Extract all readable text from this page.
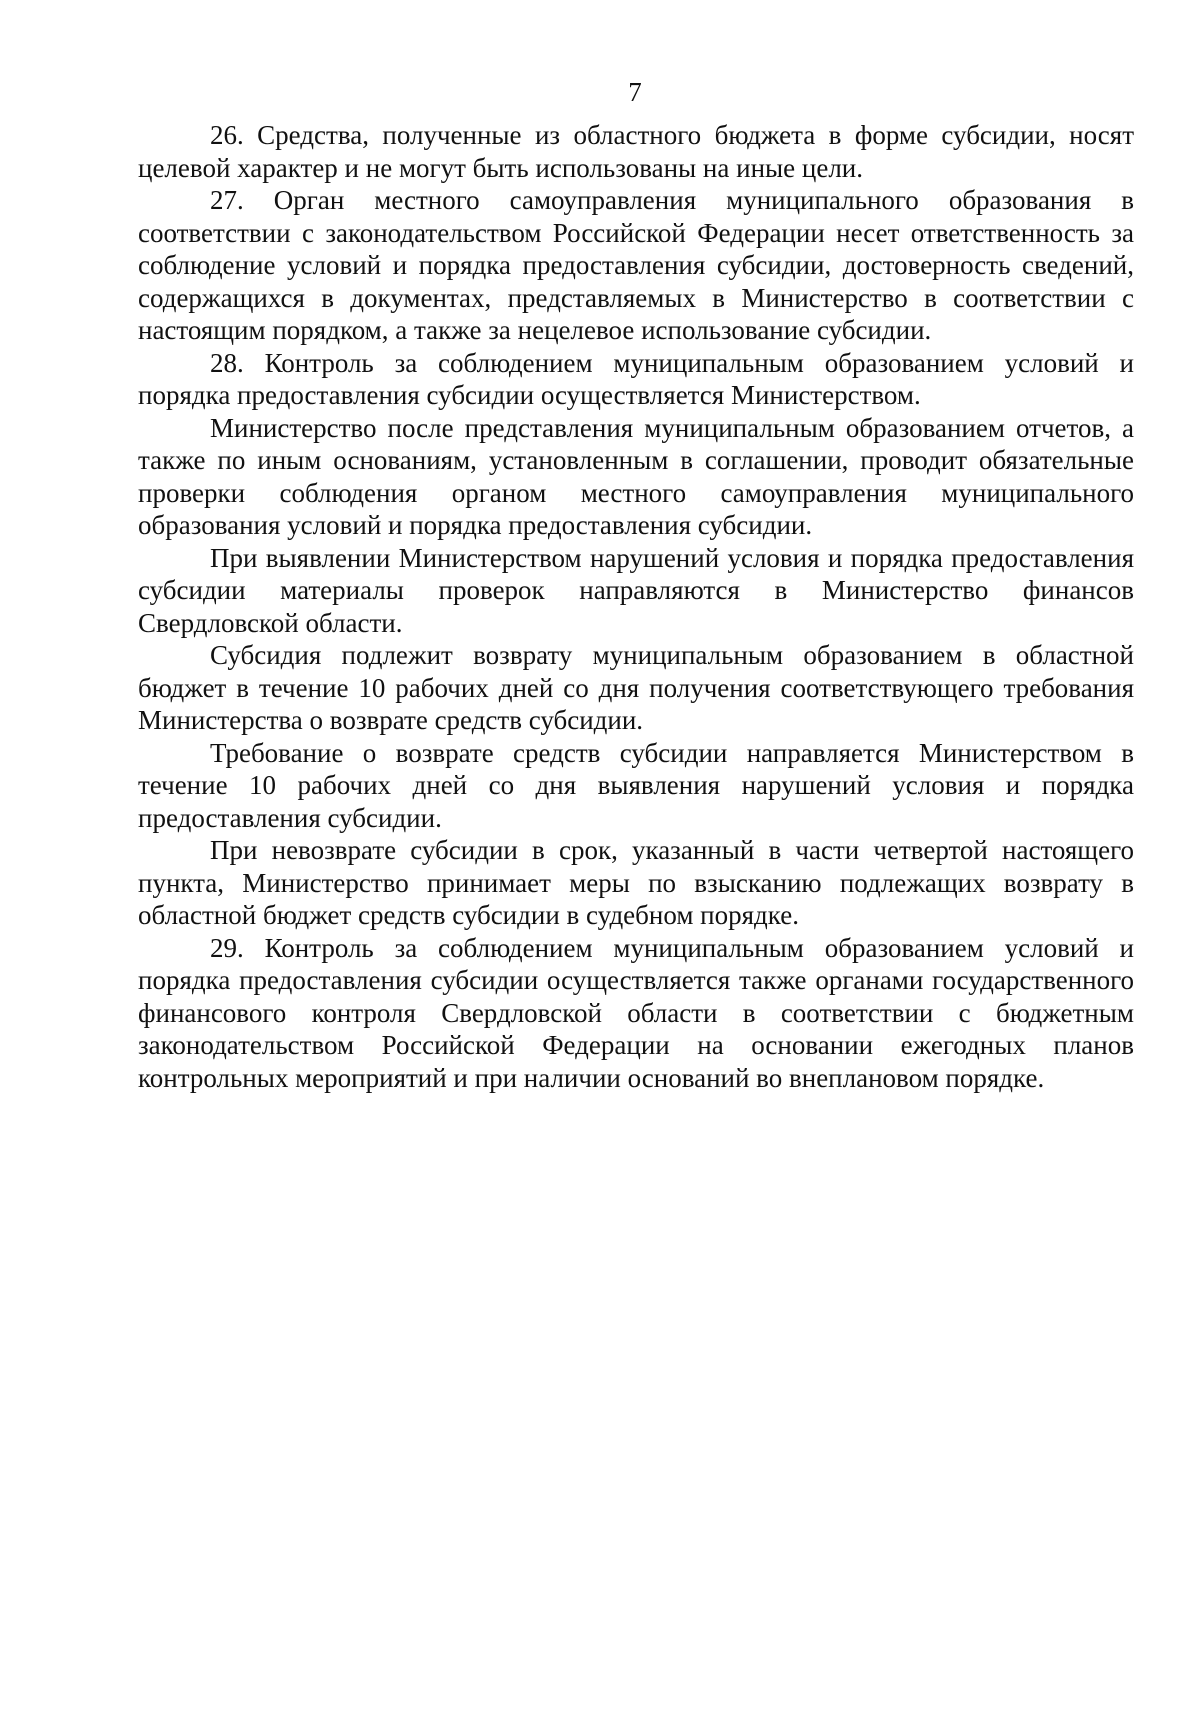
7

26. Средства, полученные из областного бюджета в форме субсидии, носят целевой характер и не могут быть использованы на иные цели.

27. Орган местного самоуправления муниципального образования в соответствии с законодательством Российской Федерации несет ответственность за соблюдение условий и порядка предоставления субсидии, достоверность сведений, содержащихся в документах, представляемых в Министерство в соответствии с настоящим порядком, а также за нецелевое использование субсидии.

28. Контроль за соблюдением муниципальным образованием условий и порядка предоставления субсидии осуществляется Министерством.

Министерство после представления муниципальным образованием отчетов, а также по иным основаниям, установленным в соглашении, проводит обязательные проверки соблюдения органом местного самоуправления муниципального образования условий и порядка предоставления субсидии.

При выявлении Министерством нарушений условия и порядка предоставления субсидии материалы проверок направляются в Министерство финансов Свердловской области.

Субсидия подлежит возврату муниципальным образованием в областной бюджет в течение 10 рабочих дней со дня получения соответствующего требования Министерства о возврате средств субсидии.

Требование о возврате средств субсидии направляется Министерством в течение 10 рабочих дней со дня выявления нарушений условия и порядка предоставления субсидии.

При невозврате субсидии в срок, указанный в части четвертой настоящего пункта, Министерство принимает меры по взысканию подлежащих возврату в областной бюджет средств субсидии в судебном порядке.

29. Контроль за соблюдением муниципальным образованием условий и порядка предоставления субсидии осуществляется также органами государственного финансового контроля Свердловской области в соответствии с бюджетным законодательством Российской Федерации на основании ежегодных планов контрольных мероприятий и при наличии оснований во внеплановом порядке.
